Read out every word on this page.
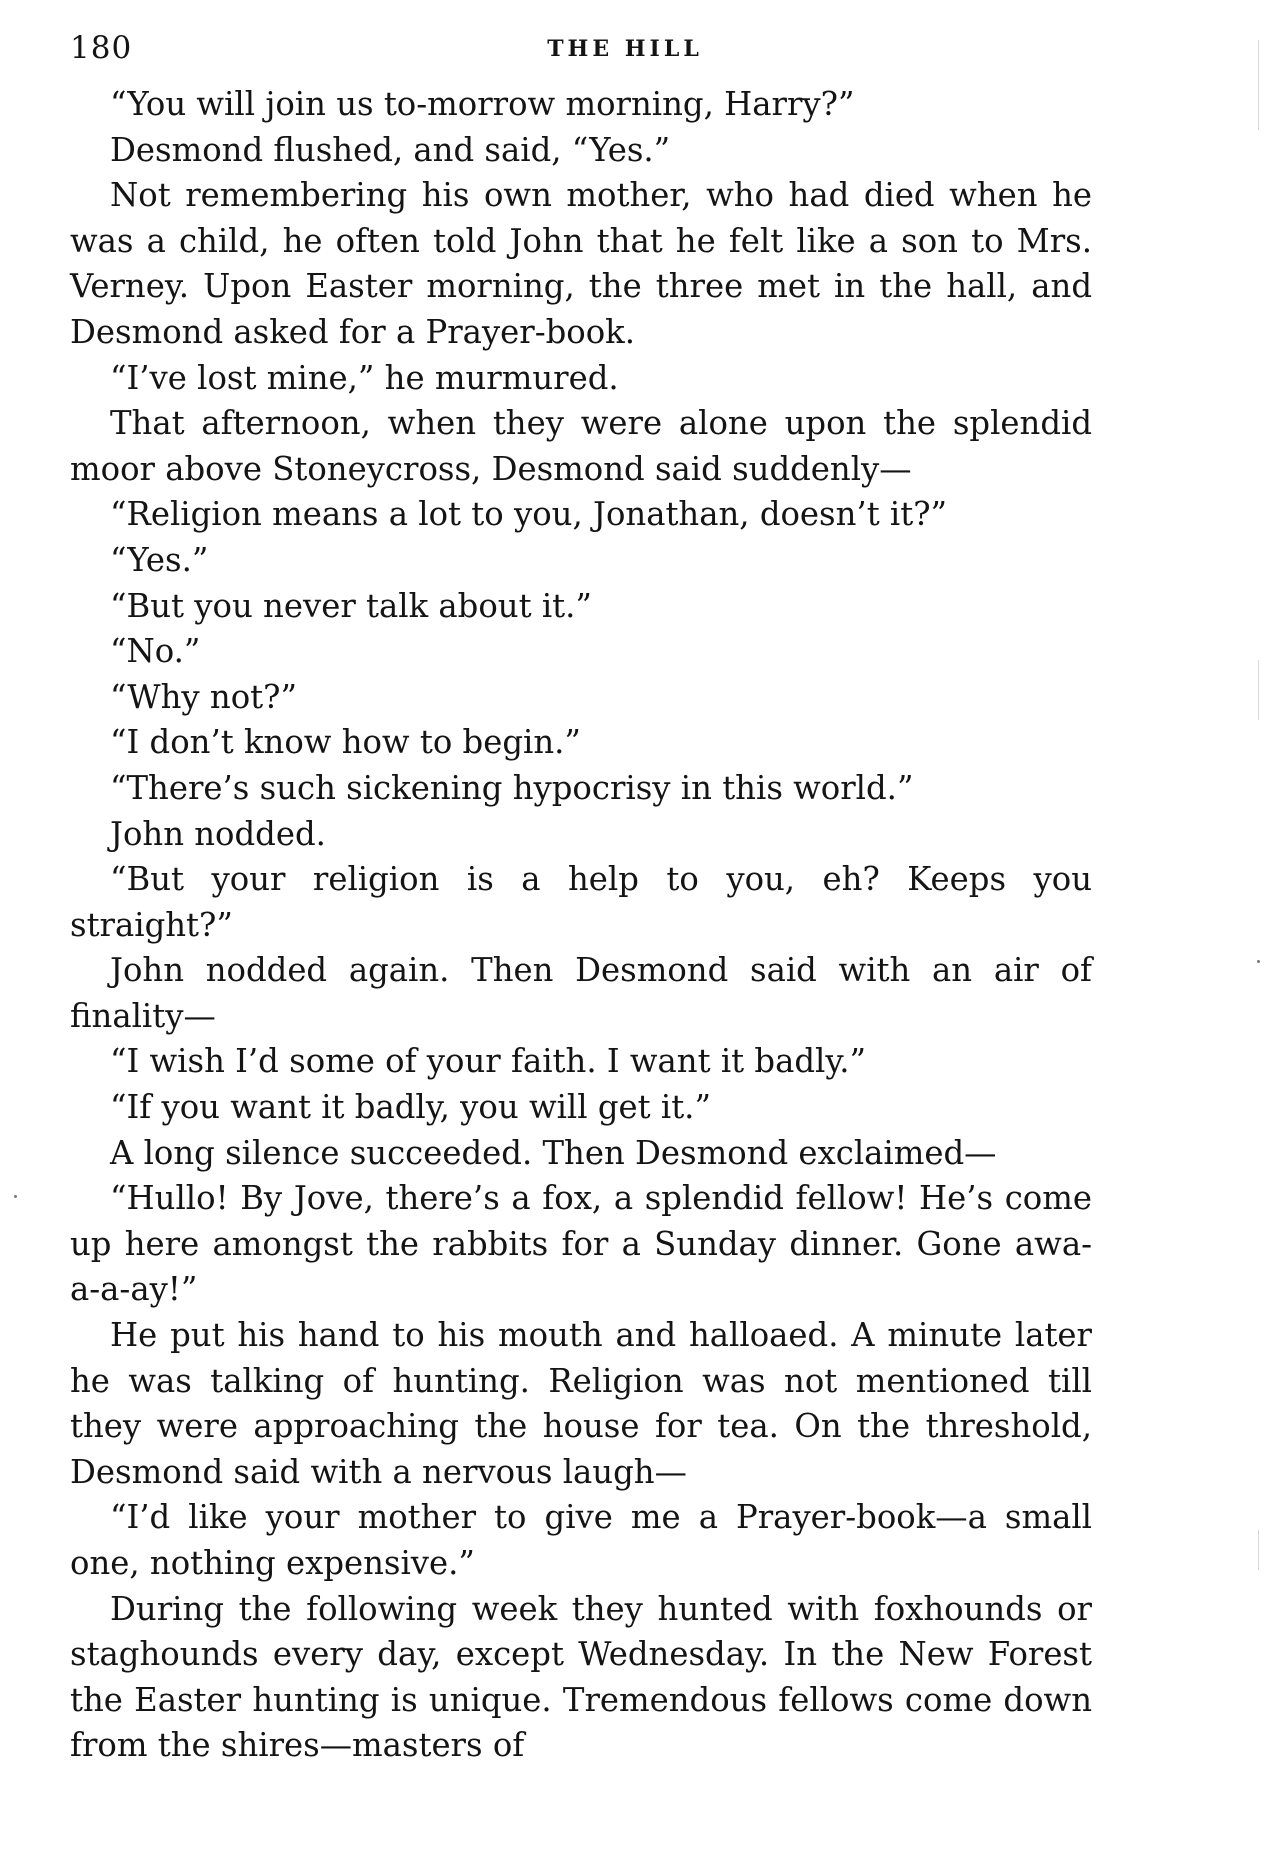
180	THE HILL

“You will join us to-morrow morning, Harry?”

Desmond flushed, and said, “Yes.”

Not remembering his own mother, who had died when he was a child, he often told John that he felt like a son to Mrs. Verney. Upon Easter morning, the three met in the hall, and Desmond asked for a Prayer-book.

“I’ve lost mine,” he murmured.

That afternoon, when they were alone upon the splendid moor above Stoneycross, Desmond said suddenly—

“Religion means a lot to you, Jonathan, doesn’t it?”

“Yes.”

“But you never talk about it.”

“No.”

“Why not?”

“I don’t know how to begin.”

“There’s such sickening hypocrisy in this world.”

John nodded.

“But your religion is a help to you, eh? Keeps you straight?”

John nodded again. Then Desmond said with an air of finality—

“I wish I’d some of your faith. I want it badly.”

“If you want it badly, you will get it.”

A long silence succeeded. Then Desmond exclaimed—

“Hullo! By Jove, there’s a fox, a splendid fellow! He’s come up here amongst the rabbits for a Sunday dinner. Gone awa-a-a-ay!”

He put his hand to his mouth and halloaed. A minute later he was talking of hunting. Religion was not mentioned till they were approaching the house for tea. On the threshold, Desmond said with a nervous laugh—

“I’d like your mother to give me a Prayer-book—a small one, nothing expensive.”

During the following week they hunted with foxhounds or staghounds every day, except Wednesday. In the New Forest the Easter hunting is unique. Tremendous fellows come down from the shires—masters of
